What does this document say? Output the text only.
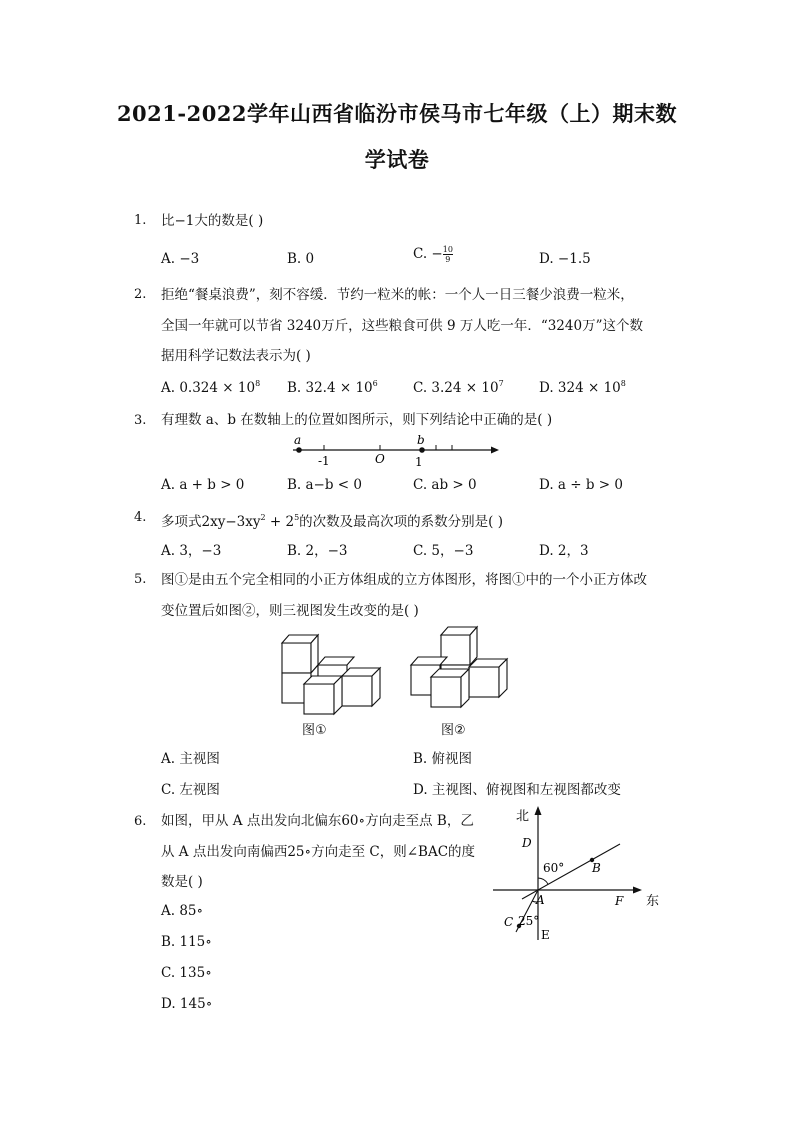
2021-2022学年山西省临汾市侯马市七年级（上）期末数
学试卷
1. 比−1大的数是( )
A. −3	B. 0	C. − $\frac{10}{9}$	D. −1.5
2. 拒绝“餐桌浪费”，刻不容缓．节约一粒米的帐：一个人一日三餐少浪费一粒米，
全国一年就可以节省 3240万斤，这些粮食可供 9 万人吃一年．“3240万”这个数
据用科学记数法表示为( )
A. $0.324 \times 10^8$ B. $32.4 \times 10^6$	C. $3.24 \times 10^7$	D. $324 \times 10^8$
3. 有理数 a、b 在数轴上的位置如图所示，则下列结论中正确的是( )
a	b
-1	O	1
A. a + b > 0	B. a−b < 0	C. ab > 0	D. a ÷ b > 0
4. 多项式$2xy-3xy^2 + 2^5$的次数及最高次项的系数分别是( )
A. 3，−3	B. 2，−3	C. 5，−3	D. 2，3
5. 图①是由五个完全相同的小正方体组成的立方体图形，将图①中的一个小正方体改
变位置后如图②，则三视图发生改变的是( )
图①	图②
A. 主视图	B. 俯视图
C. 左视图	D. 主视图、俯视图和左视图都改变
6. 如图，甲从 A 点出发向北偏东60∘方向走至点 B，乙
从 A 点出发向南偏西25∘方向走至 C，则∠BAC的度
数是( )
北
东
D
60° B
A	F
C 25°
E
A. 85∘
B. 115∘
C. 135∘
D. 145∘
